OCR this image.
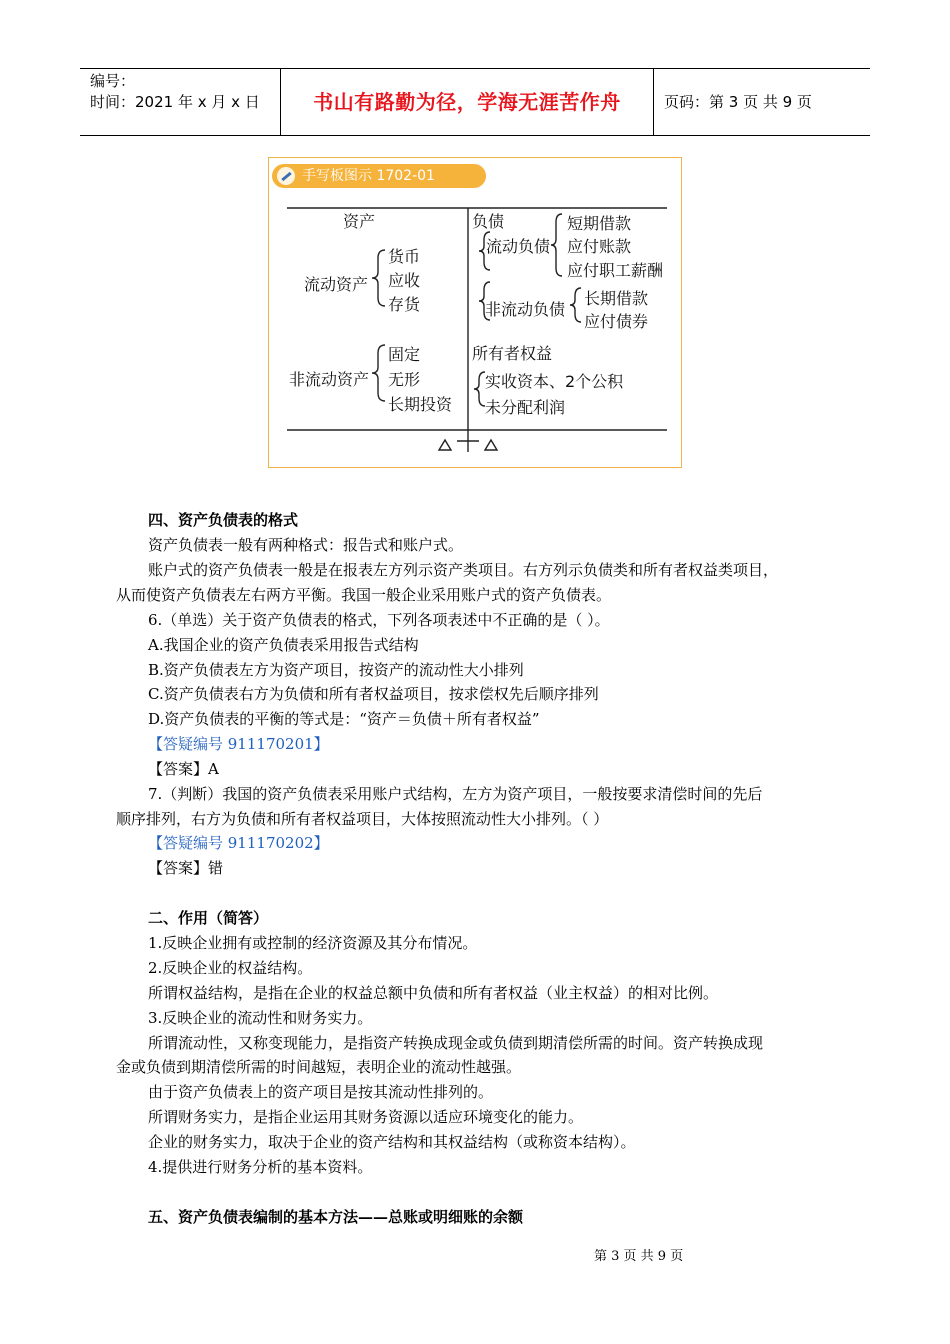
编号：
时间：2021 年 x 月 x 日	书山有路勤为径，学海无涯苦作舟	页码：第 3 页 共 9 页
手写板图示 1702-01
资产
流动资产
货币
应收
存货
非流动资产
固定
无形
长期投资
负债
流动负债
短期借款
应付账款
应付职工薪酬
非流动负债
长期借款
应付债券
所有者权益
实收资本、2个公积
未分配利润
四、资产负债表的格式
资产负债表一般有两种格式：报告式和账户式。
账户式的资产负债表一般是在报表左方列示资产类项目。右方列示负债类和所有者权益类项目，
从而使资产负债表左右两方平衡。我国一般企业采用账户式的资产负债表。
6.（单选）关于资产负债表的格式，下列各项表述中不正确的是（ ）。
A.我国企业的资产负债表采用报告式结构
B.资产负债表左方为资产项目，按资产的流动性大小排列
C.资产负债表右方为负债和所有者权益项目，按求偿权先后顺序排列
D.资产负债表的平衡的等式是：“资产＝负债＋所有者权益”
【答疑编号 911170201】
【答案】A
7.（判断）我国的资产负债表采用账户式结构，左方为资产项目，一般按要求清偿时间的先后
顺序排列，右方为负债和所有者权益项目，大体按照流动性大小排列。（ ）
【答疑编号 911170202】
【答案】错
二、作用（简答）
1.反映企业拥有或控制的经济资源及其分布情况。
2.反映企业的权益结构。
所谓权益结构，是指在企业的权益总额中负债和所有者权益（业主权益）的相对比例。
3.反映企业的流动性和财务实力。
所谓流动性，又称变现能力，是指资产转换成现金或负债到期清偿所需的时间。资产转换成现
金或负债到期清偿所需的时间越短，表明企业的流动性越强。
由于资产负债表上的资产项目是按其流动性排列的。
所谓财务实力，是指企业运用其财务资源以适应环境变化的能力。
企业的财务实力，取决于企业的资产结构和其权益结构（或称资本结构）。
4.提供进行财务分析的基本资料。
五、资产负债表编制的基本方法——总账或明细账的余额
第 3 页 共 9 页
